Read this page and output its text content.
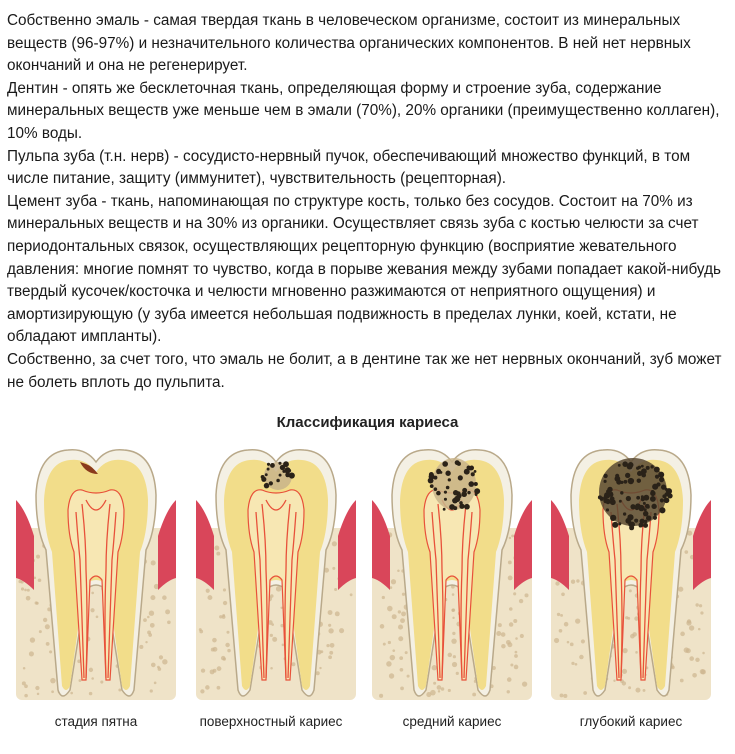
Собственно эмаль - самая твердая ткань в человеческом организме, состоит из минеральных веществ (96-97%) и незначительного количества органических компонентов. В ней нет нервных окончаний и она не регенерирует.

Дентин - опять же бесклеточная ткань, определяющая форму и строение зуба, содержание минеральных веществ уже меньше чем в эмали (70%), 20% органики (преимущественно коллаген), 10% воды.

Пульпа зуба (т.н. нерв) - сосудисто-нервный пучок, обеспечивающий множество функций, в том числе питание, защиту (иммунитет), чувствительность (рецепторная).

Цемент зуба - ткань, напоминающая по структуре кость, только без сосудов. Состоит на 70% из минеральных веществ и на 30% из органики. Осуществляет связь зуба с костью челюсти за счет периодонтальных связок, осуществляющих рецепторную функцию (восприятие жевательного давления: многие помнят то чувство, когда в порыве жевания между зубами попадает какой-нибудь твердый кусочек/косточка и челюсти мгновенно разжимаются от неприятного ощущения) и амортизирующую (у зуба имеется небольшая подвижность в пределах лунки, коей, кстати, не обладают импланты).

Собственно, за счет того, что эмаль не болит, а в дентине так же нет нервных окончаний, зуб может не болеть вплоть до пульпита.

Классификация кариеса
стадия пятна	поверхностный кариес	средний кариес	глубокий кариес
